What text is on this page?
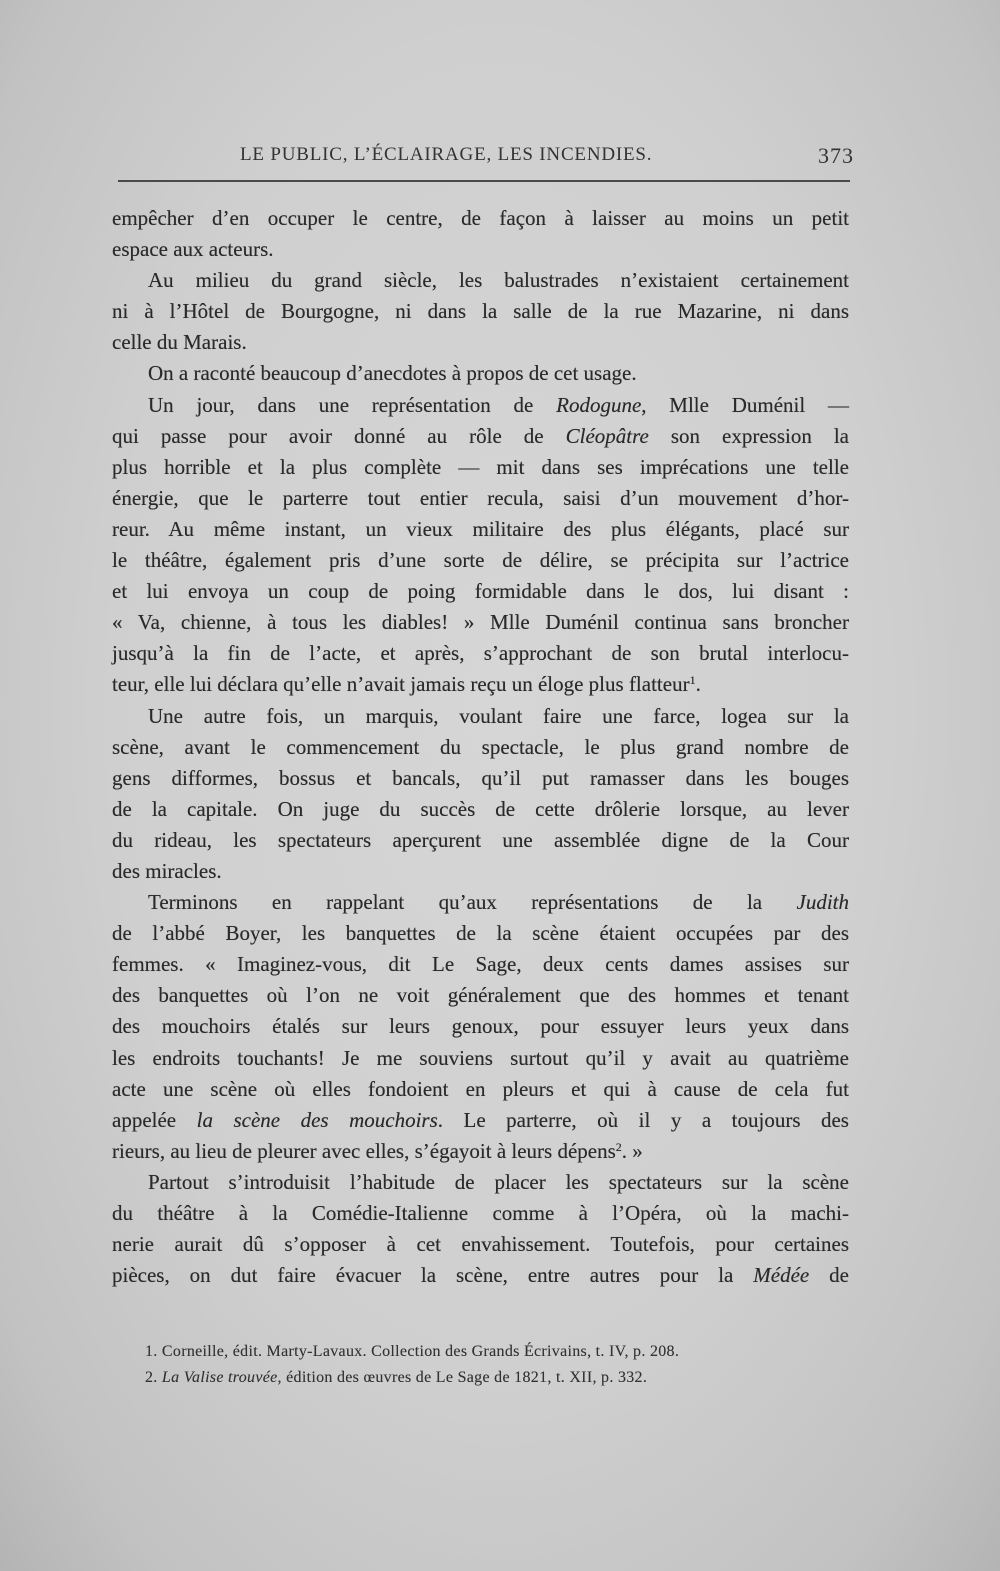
LE PUBLIC, L’ÉCLAIRAGE, LES INCENDIES.	373
empêcher d’en occuper le centre, de façon à laisser au moins un petit
espace aux acteurs.
Au milieu du grand siècle, les balustrades n’existaient certainement
ni à l’Hôtel de Bourgogne, ni dans la salle de la rue Mazarine, ni dans
celle du Marais.
On a raconté beaucoup d’anecdotes à propos de cet usage.
Un jour, dans une représentation de Rodogune, Mlle Duménil —
qui passe pour avoir donné au rôle de Cléopâtre son expression la
plus horrible et la plus complète — mit dans ses imprécations une telle
énergie, que le parterre tout entier recula, saisi d’un mouvement d’hor-
reur. Au même instant, un vieux militaire des plus élégants, placé sur
le théâtre, également pris d’une sorte de délire, se précipita sur l’actrice
et lui envoya un coup de poing formidable dans le dos, lui disant :
« Va, chienne, à tous les diables! » Mlle Duménil continua sans broncher
jusqu’à la fin de l’acte, et après, s’approchant de son brutal interlocu-
teur, elle lui déclara qu’elle n’avait jamais reçu un éloge plus flatteur$^1$.
Une autre fois, un marquis, voulant faire une farce, logea sur la
scène, avant le commencement du spectacle, le plus grand nombre de
gens difformes, bossus et bancals, qu’il put ramasser dans les bouges
de la capitale. On juge du succès de cette drôlerie lorsque, au lever
du rideau, les spectateurs aperçurent une assemblée digne de la Cour
des miracles.
Terminons en rappelant qu’aux représentations de la Judith
de l’abbé Boyer, les banquettes de la scène étaient occupées par des
femmes. « Imaginez-vous, dit Le Sage, deux cents dames assises sur
des banquettes où l’on ne voit généralement que des hommes et tenant
des mouchoirs étalés sur leurs genoux, pour essuyer leurs yeux dans
les endroits touchants! Je me souviens surtout qu’il y avait au quatrième
acte une scène où elles fondoient en pleurs et qui à cause de cela fut
appelée la scène des mouchoirs. Le parterre, où il y a toujours des
rieurs, au lieu de pleurer avec elles, s’égayoit à leurs dépens$^2$. »
Partout s’introduisit l’habitude de placer les spectateurs sur la scène
du théâtre à la Comédie-Italienne comme à l’Opéra, où la machi-
nerie aurait dû s’opposer à cet envahissement. Toutefois, pour certaines
pièces, on dut faire évacuer la scène, entre autres pour la Médée de
1. Corneille, édit. Marty-Lavaux. Collection des Grands Écrivains, t. IV, p. 208.
2. La Valise trouvée, édition des œuvres de Le Sage de 1821, t. XII, p. 332.
